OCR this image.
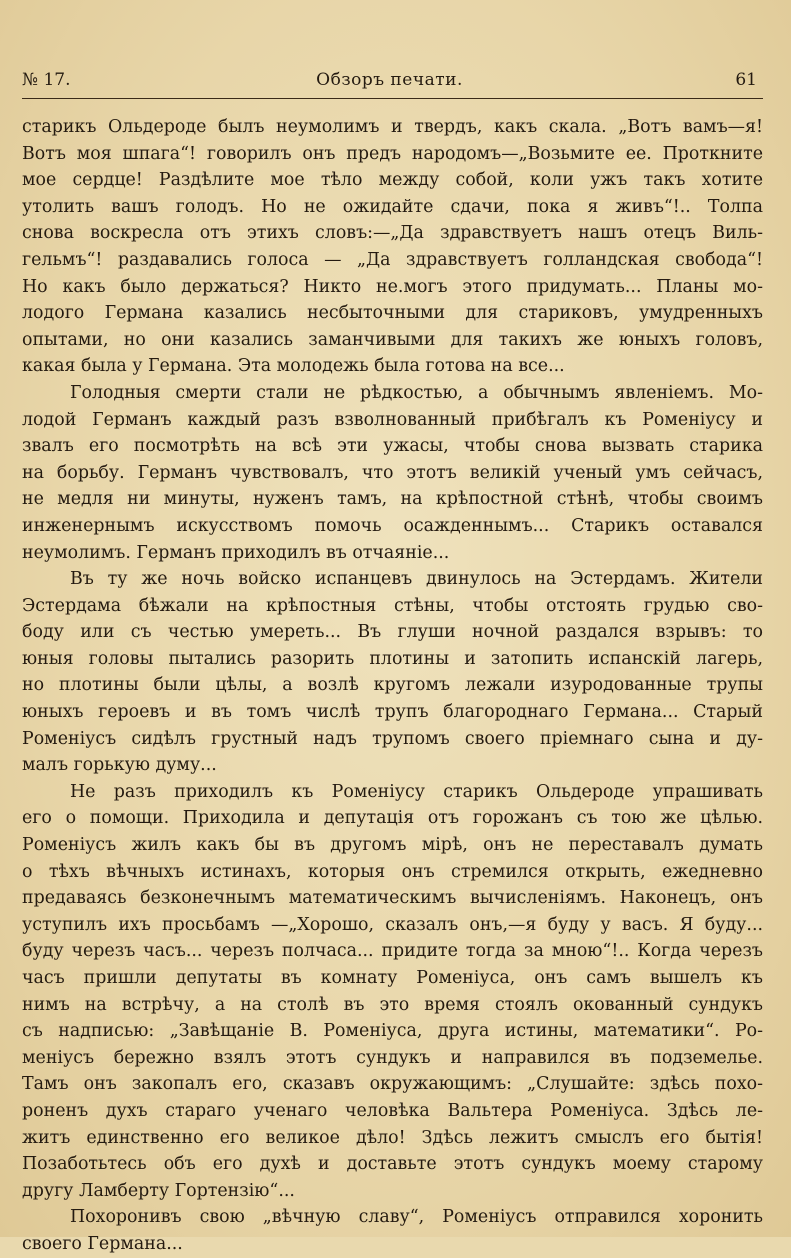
№ 17.	Обзоръ печати.	61
старикъ Ольдероде былъ неумолимъ и твердъ, какъ скала. „Вотъ вамъ—я!
Вотъ моя шпага“! говорилъ онъ предъ народомъ—„Возьмите ее. Проткните
мое сердце! Раздѣлите мое тѣло между собой, коли ужъ такъ хотите
утолить вашъ голодъ. Но не ожидайте сдачи, пока я живъ“!.. Толпа
снова воскресла отъ этихъ словъ:—„Да здравствуетъ нашъ отецъ Виль-
гельмъ“! раздавались голоса — „Да здравствуетъ голландская свобода“!
Но какъ было держаться? Никто не.могъ этого придумать... Планы мо-
лодого Германа казались несбыточными для стариковъ, умудренныхъ
опытами, но они казались заманчивыми для такихъ же юныхъ головъ,
какая была у Германа. Эта молодежь была готова на все...
Голодныя смерти стали не рѣдкостью, а обычнымъ явленіемъ. Мо-
лодой Германъ каждый разъ взволнованный прибѣгалъ къ Роменіусу и
звалъ его посмотрѣть на всѣ эти ужасы, чтобы снова вызвать старика
на борьбу. Германъ чувствовалъ, что этотъ великій ученый умъ сейчасъ,
не медля ни минуты, нуженъ тамъ, на крѣпостной стѣнѣ, чтобы своимъ
инженернымъ искусствомъ помочь осажденнымъ... Старикъ оставался
неумолимъ. Германъ приходилъ въ отчаяніе...
Въ ту же ночь войско испанцевъ двинулось на Эстердамъ. Жители
Эстердама бѣжали на крѣпостныя стѣны, чтобы отстоять грудью сво-
боду или съ честью умереть... Въ глуши ночной раздался взрывъ: то
юныя головы пытались разорить плотины и затопить испанскій лагерь,
но плотины были цѣлы, а возлѣ кругомъ лежали изуродованные трупы
юныхъ героевъ и въ томъ числѣ трупъ благороднаго Германа... Старый
Роменіусъ сидѣлъ грустный надъ трупомъ своего пріемнаго сына и ду-
малъ горькую думу...
Не разъ приходилъ къ Роменіусу старикъ Ольдероде упрашивать
его о помощи. Приходила и депутація отъ горожанъ съ тою же цѣлью.
Роменіусъ жилъ какъ бы въ другомъ мірѣ, онъ не переставалъ думать
о тѣхъ вѣчныхъ истинахъ, которыя онъ стремился открыть, ежедневно
предаваясь безконечнымъ математическимъ вычисленіямъ. Наконецъ, онъ
уступилъ ихъ просьбамъ —„Хорошо, сказалъ онъ,—я буду у васъ. Я буду...
буду черезъ часъ... черезъ полчаса... придите тогда за мною“!.. Когда черезъ
часъ пришли депутаты въ комнату Роменіуса, онъ самъ вышелъ къ
нимъ на встрѣчу, а на столѣ въ это время стоялъ окованный сундукъ
съ надписью: „Завѣщаніе В. Роменіуса, друга истины, математики“. Ро-
меніусъ бережно взялъ этотъ сундукъ и направился въ подземелье.
Тамъ онъ закопалъ его, сказавъ окружающимъ: „Слушайте: здѣсь похо-
роненъ духъ стараго ученаго человѣка Вальтера Роменіуса. Здѣсь ле-
житъ единственно его великое дѣло! Здѣсь лежитъ смыслъ его бытія!
Позаботьтесь объ его духѣ и доставьте этотъ сундукъ моему старому
другу Ламберту Гортензію“...
Похоронивъ свою „вѣчную славу“, Роменіусъ отправился хоронить
своего Германа...
